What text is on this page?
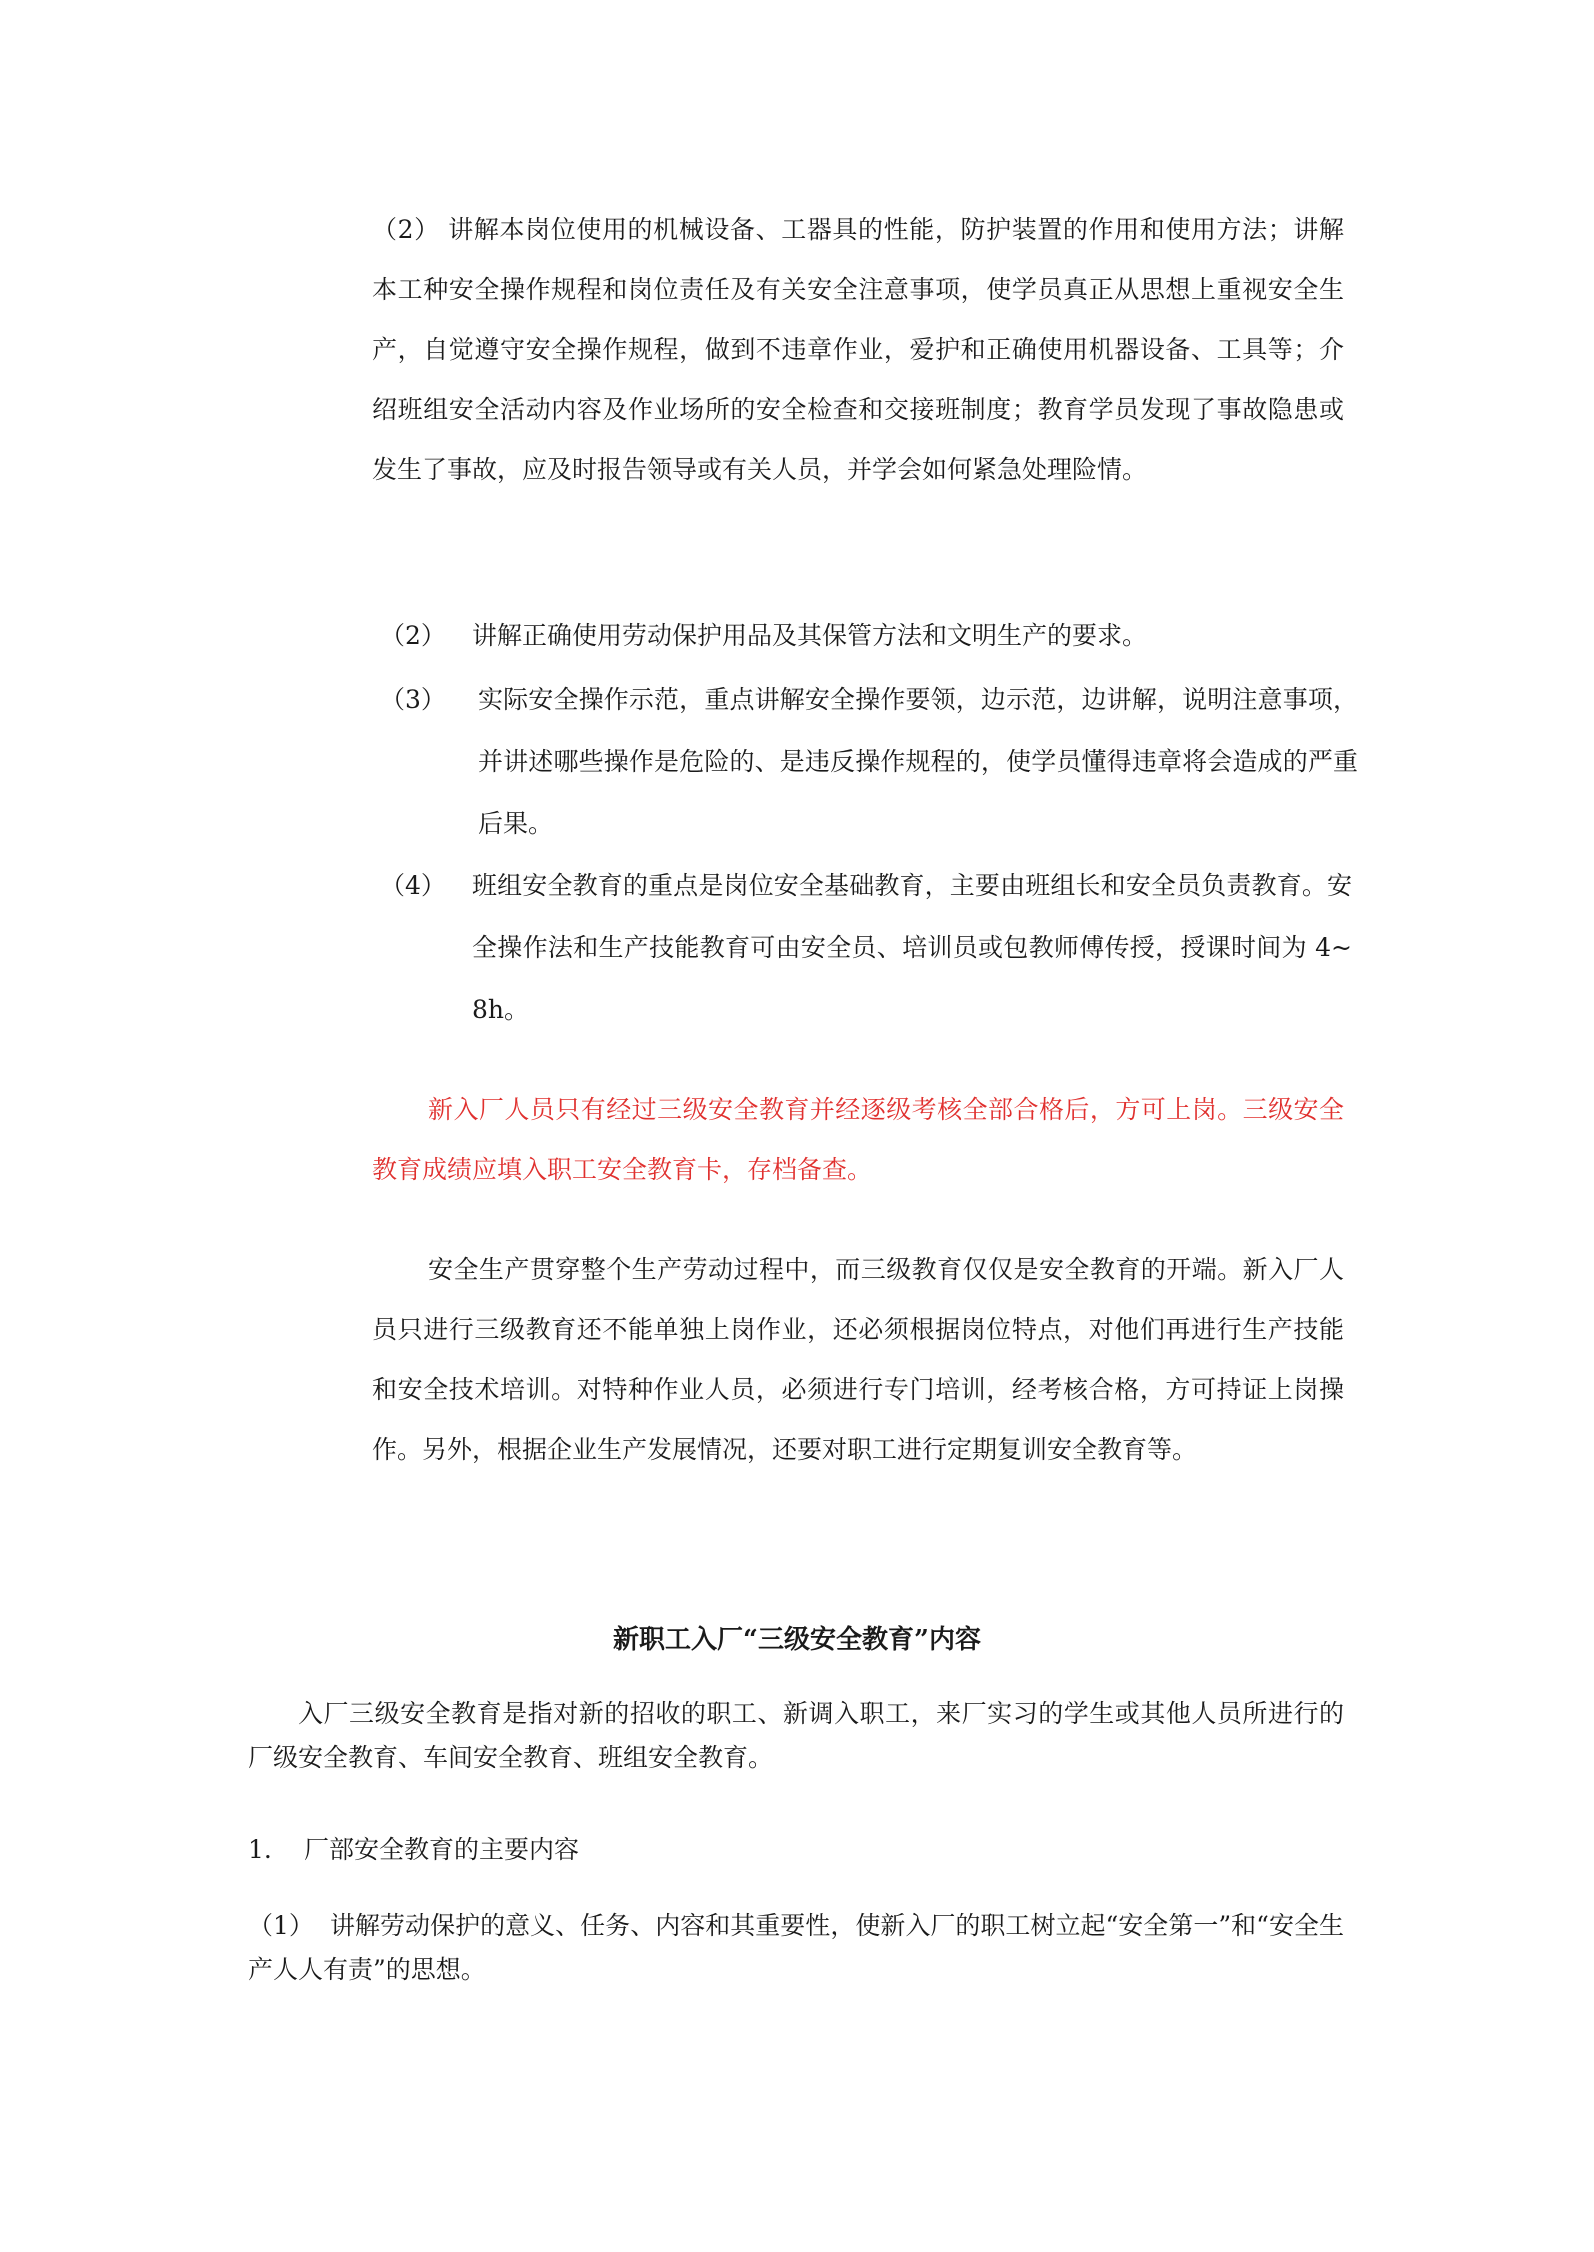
（2） 讲解本岗位使用的机械设备、工器具的性能，防护装置的作用和使用方法；讲解本工种安全操作规程和岗位责任及有关安全注意事项，使学员真正从思想上重视安全生产，自觉遵守安全操作规程，做到不违章作业，爱护和正确使用机器设备、工具等；介绍班组安全活动内容及作业场所的安全检查和交接班制度；教育学员发现了事故隐患或发生了事故，应及时报告领导或有关人员，并学会如何紧急处理险情。

（2） 讲解正确使用劳动保护用品及其保管方法和文明生产的要求。
（3） 实际安全操作示范，重点讲解安全操作要领，边示范，边讲解，说明注意事项，并讲述哪些操作是危险的、是违反操作规程的，使学员懂得违章将会造成的严重后果。
（4） 班组安全教育的重点是岗位安全基础教育，主要由班组长和安全员负责教育。安全操作法和生产技能教育可由安全员、培训员或包教师傅传授，授课时间为 4~8h。

新入厂人员只有经过三级安全教育并经逐级考核全部合格后，方可上岗。三级安全教育成绩应填入职工安全教育卡，存档备查。

安全生产贯穿整个生产劳动过程中，而三级教育仅仅是安全教育的开端。新入厂人员只进行三级教育还不能单独上岗作业，还必须根据岗位特点，对他们再进行生产技能和安全技术培训。对特种作业人员，必须进行专门培训，经考核合格，方可持证上岗操作。另外，根据企业生产发展情况，还要对职工进行定期复训安全教育等。

新职工入厂“三级安全教育”内容

入厂三级安全教育是指对新的招收的职工、新调入职工，来厂实习的学生或其他人员所进行的厂级安全教育、车间安全教育、班组安全教育。

1. 厂部安全教育的主要内容

（1） 讲解劳动保护的意义、任务、内容和其重要性，使新入厂的职工树立起“安全第一”和“安全生产人人有责”的思想。
